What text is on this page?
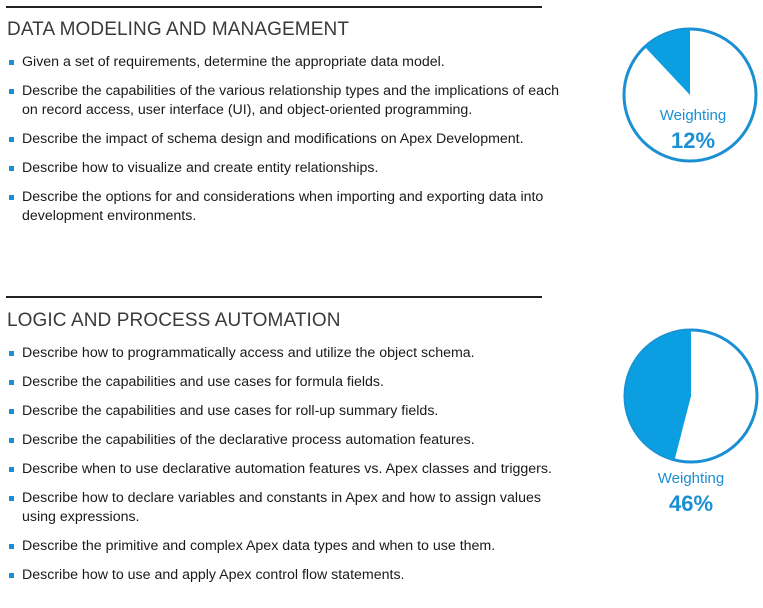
DATA MODELING AND MANAGEMENT
Given a set of requirements, determine the appropriate data model.
Describe the capabilities of the various relationship types and the implications of each on record access, user interface (UI), and object-oriented programming.
Describe the impact of schema design and modifications on Apex Development.
Describe how to visualize and create entity relationships.
Describe the options for and considerations when importing and exporting data into development environments.
Weighting
12%
LOGIC AND PROCESS AUTOMATION
Describe how to programmatically access and utilize the object schema.
Describe the capabilities and use cases for formula fields.
Describe the capabilities and use cases for roll-up summary fields.
Describe the capabilities of the declarative process automation features.
Describe when to use declarative automation features vs. Apex classes and triggers.
Describe how to declare variables and constants in Apex and how to assign values using expressions.
Describe the primitive and complex Apex data types and when to use them.
Describe how to use and apply Apex control flow statements.
Weighting
46%
